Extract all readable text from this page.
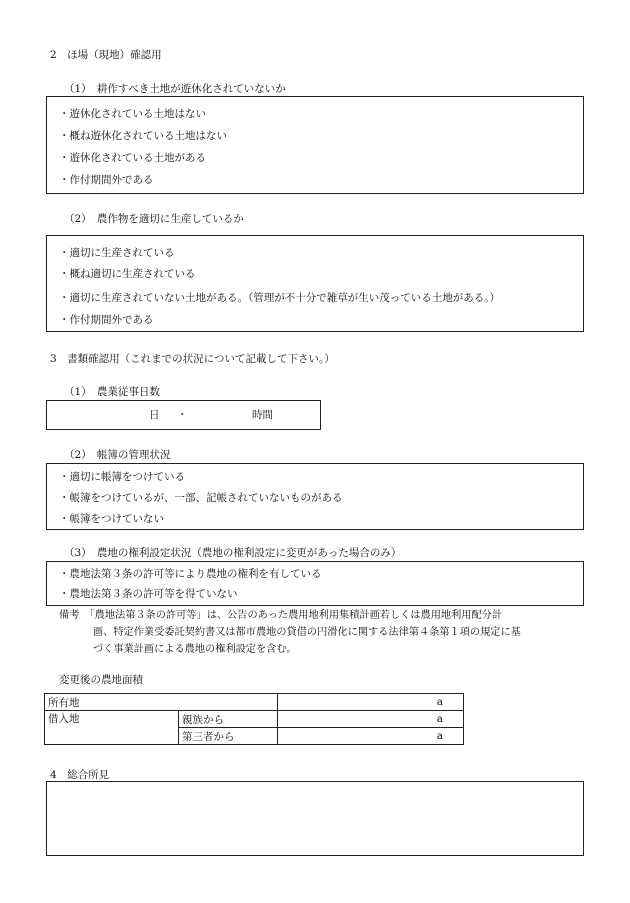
2　ほ場（現地）確認用
（1）　耕作すべき土地が遊休化されていないか
・遊休化されている土地はない
・概ね遊休化されている土地はない
・遊休化されている土地がある
・作付期間外である
（2）　農作物を適切に生産しているか
・適切に生産されている
・概ね適切に生産されている
・適切に生産されていない土地がある。（管理が不十分で雑草が生い茂っている土地がある。）
・作付期間外である
3　書類確認用（これまでの状況について記載して下さい。）
（1）　農業従事日数
日 ・	時間
（2）　帳簿の管理状況
・適切に帳簿をつけている
・帳簿をつけているが、一部、記帳されていないものがある
・帳簿をつけていない
（3）　農地の権利設定状況（農地の権利設定に変更があった場合のみ）
・農地法第３条の許可等により農地の権利を有している
・農地法第３条の許可等を得ていない
備考　「農地法第３条の許可等」は、公告のあった農用地利用集積計画若しくは農用地利用配分計
画、特定作業受委託契約書又は都市農地の貸借の円滑化に関する法律第４条第１項の規定に基
づく事業計画による農地の権利設定を含む。
変更後の農地面積
所有地		a
借入地	親族から	a
	第三者から	a
4　総合所見
